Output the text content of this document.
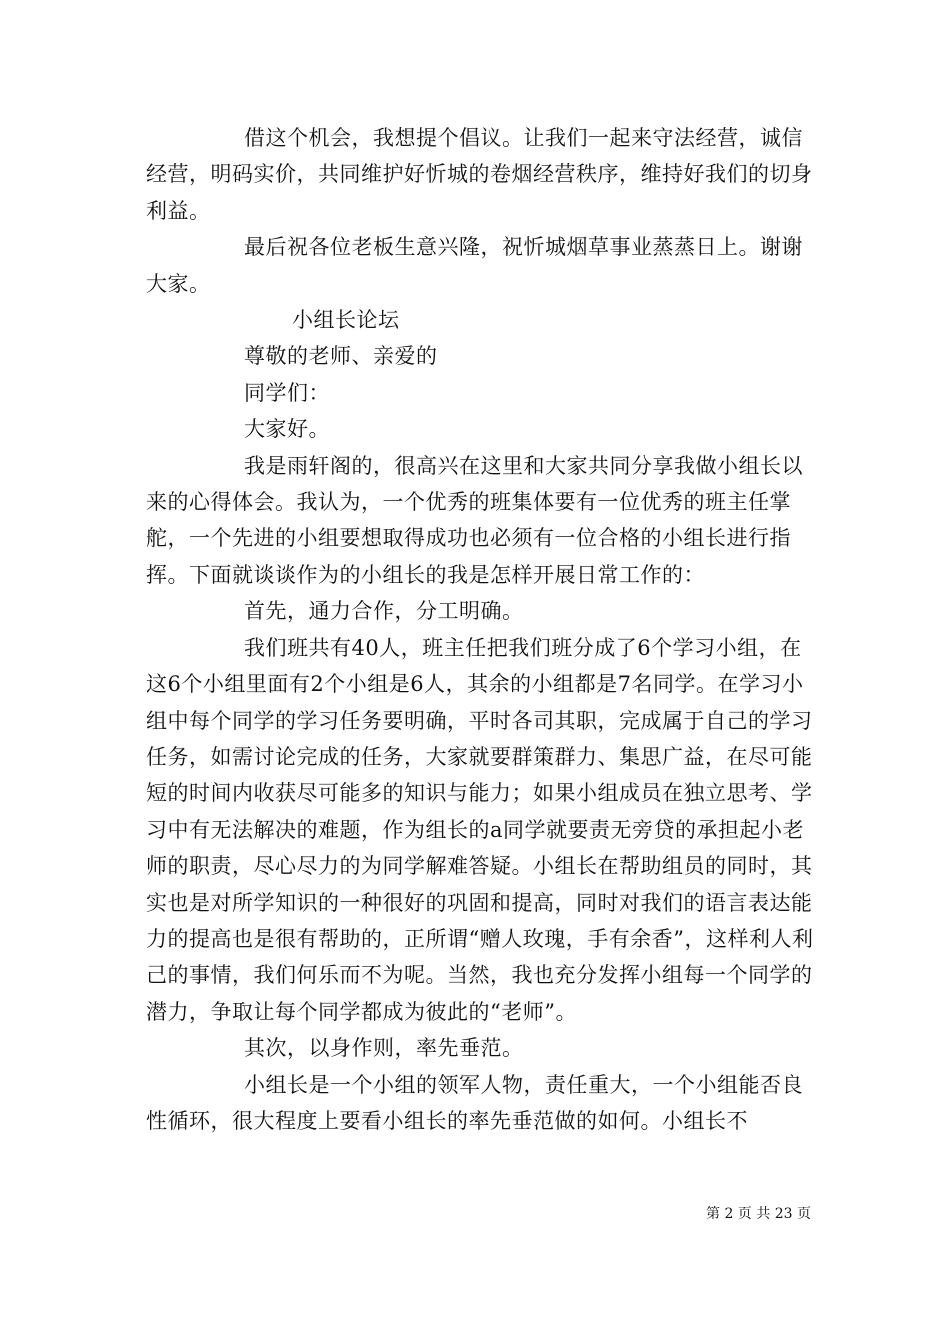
借这个机会，我想提个倡议。让我们一起来守法经营，诚信经营，明码实价，共同维护好忻城的卷烟经营秩序，维持好我们的切身利益。

最后祝各位老板生意兴隆，祝忻城烟草事业蒸蒸日上。谢谢大家。

小组长论坛

尊敬的老师、亲爱的

同学们：

大家好。

我是雨轩阁的，很高兴在这里和大家共同分享我做小组长以来的心得体会。我认为，一个优秀的班集体要有一位优秀的班主任掌舵，一个先进的小组要想取得成功也必须有一位合格的小组长进行指挥。下面就谈谈作为的小组长的我是怎样开展日常工作的：

首先，通力合作，分工明确。

我们班共有40人，班主任把我们班分成了6个学习小组，在这6个小组里面有2个小组是6人，其余的小组都是7名同学。在学习小组中每个同学的学习任务要明确，平时各司其职，完成属于自己的学习任务，如需讨论完成的任务，大家就要群策群力、集思广益，在尽可能短的时间内收获尽可能多的知识与能力；如果小组成员在独立思考、学习中有无法解决的难题，作为组长的a同学就要责无旁贷的承担起小老师的职责，尽心尽力的为同学解难答疑。小组长在帮助组员的同时，其实也是对所学知识的一种很好的巩固和提高，同时对我们的语言表达能力的提高也是很有帮助的，正所谓“赠人玫瑰，手有余香”，这样利人利己的事情，我们何乐而不为呢。当然，我也充分发挥小组每一个同学的潜力，争取让每个同学都成为彼此的“老师”。

其次，以身作则，率先垂范。

小组长是一个小组的领军人物，责任重大，一个小组能否良性循环，很大程度上要看小组长的率先垂范做的如何。小组长不

第 2 页 共 23 页
